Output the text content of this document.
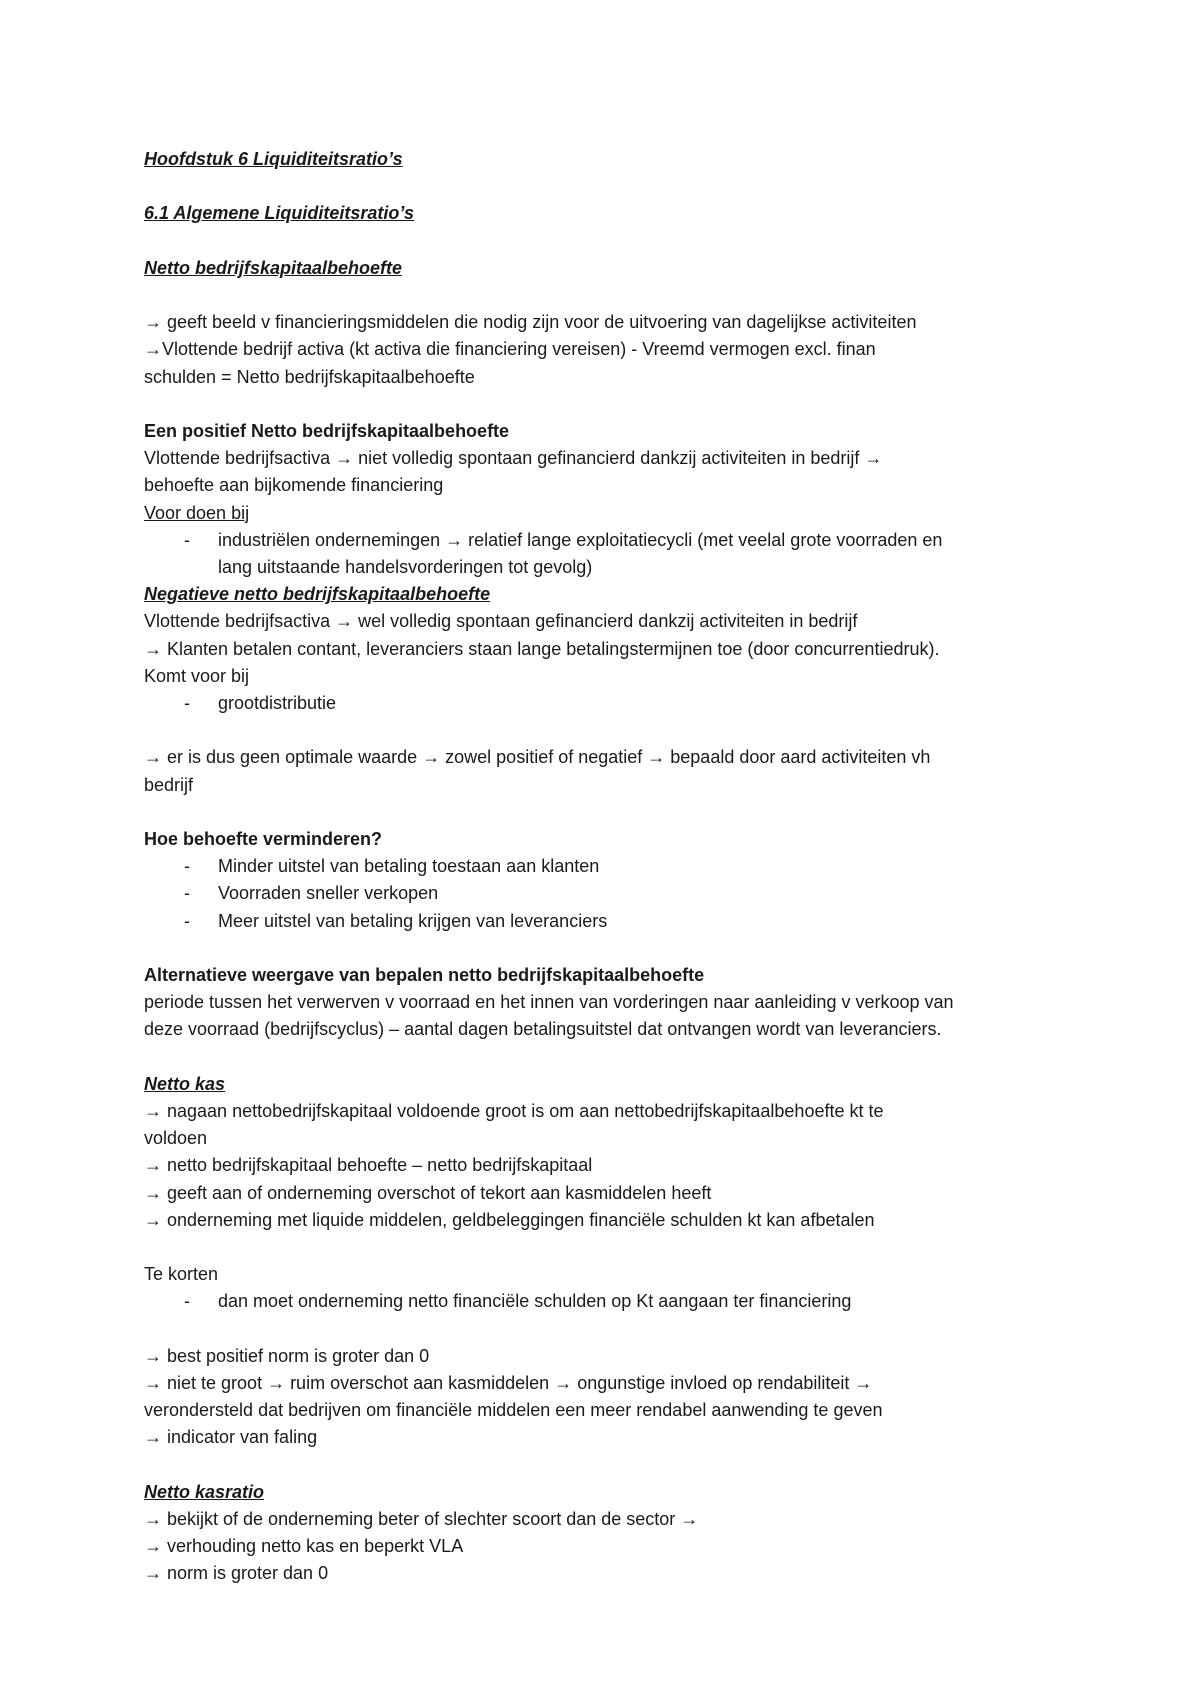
Hoofdstuk 6 Liquiditeitsratio’s
6.1 Algemene Liquiditeitsratio’s
Netto bedrijfskapitaalbehoefte
→ geeft beeld v financieringsmiddelen die nodig zijn voor de uitvoering van dagelijkse activiteiten
→Vlottende bedrijf activa (kt activa die financiering vereisen) - Vreemd vermogen excl. finan
schulden = Netto bedrijfskapitaalbehoefte
Een positief Netto bedrijfskapitaalbehoefte
Vlottende bedrijfsactiva → niet volledig spontaan gefinancierd dankzij activiteiten in bedrijf →
behoefte aan bijkomende financiering
Voor doen bij
-	industriëlen ondernemingen → relatief lange exploitatiecycli (met veelal grote voorraden en
lang uitstaande handelsvorderingen tot gevolg)
Negatieve netto bedrijfskapitaalbehoefte
Vlottende bedrijfsactiva → wel volledig spontaan gefinancierd dankzij activiteiten in bedrijf
→ Klanten betalen contant, leveranciers staan lange betalingstermijnen toe (door concurrentiedruk).
Komt voor bij
-	grootdistributie
→ er is dus geen optimale waarde → zowel positief of negatief → bepaald door aard activiteiten vh
bedrijf
Hoe behoefte verminderen?
-	Minder uitstel van betaling toestaan aan klanten
-	Voorraden sneller verkopen
-	Meer uitstel van betaling krijgen van leveranciers
Alternatieve weergave van bepalen netto bedrijfskapitaalbehoefte
periode tussen het verwerven v voorraad en het innen van vorderingen naar aanleiding v verkoop van
deze voorraad (bedrijfscyclus) – aantal dagen betalingsuitstel dat ontvangen wordt van leveranciers.
Netto kas
→ nagaan nettobedrijfskapitaal voldoende groot is om aan nettobedrijfskapitaalbehoefte kt te
voldoen
→ netto bedrijfskapitaal behoefte – netto bedrijfskapitaal
→ geeft aan of onderneming overschot of tekort aan kasmiddelen heeft
→ onderneming met liquide middelen, geldbeleggingen financiële schulden kt kan afbetalen
Te korten
-	dan moet onderneming netto financiële schulden op Kt aangaan ter financiering
→ best positief norm is groter dan 0
→ niet te groot → ruim overschot aan kasmiddelen → ongunstige invloed op rendabiliteit →
verondersteld dat bedrijven om financiële middelen een meer rendabel aanwending te geven
→ indicator van faling
Netto kasratio
→ bekijkt of de onderneming beter of slechter scoort dan de sector →
→ verhouding netto kas en beperkt VLA
→ norm is groter dan 0
